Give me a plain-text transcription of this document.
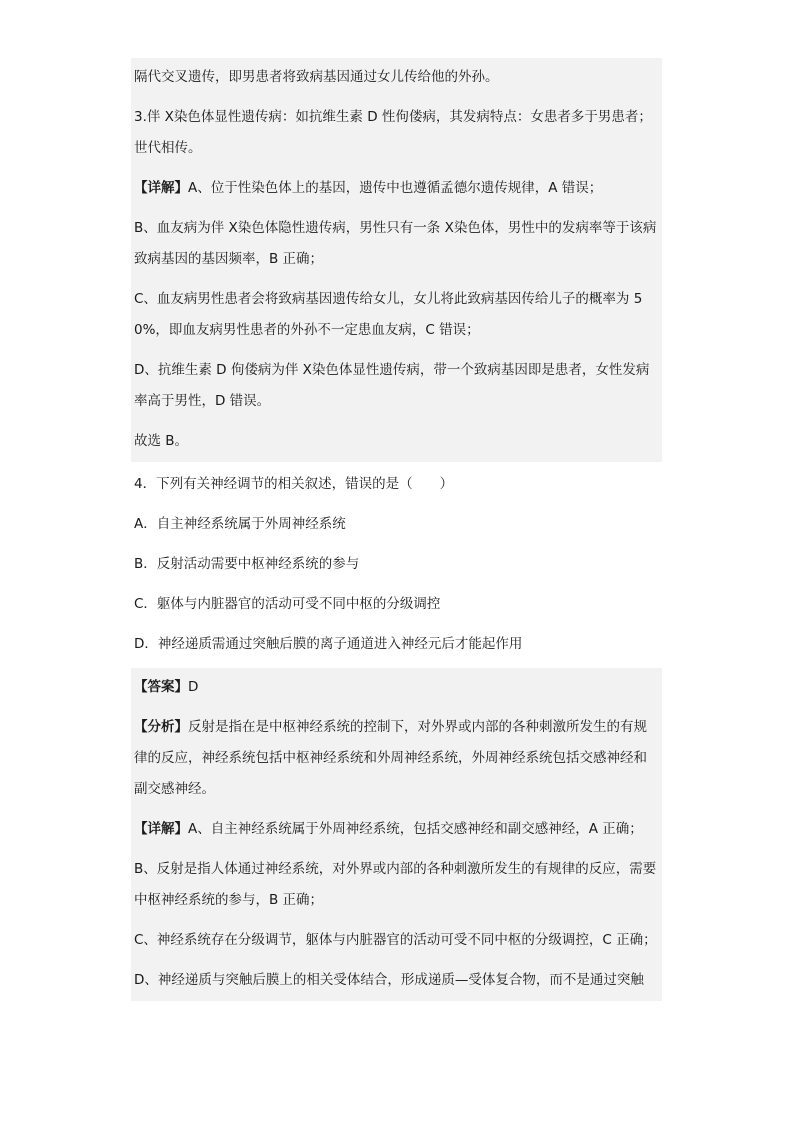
隔代交叉遗传，即男患者将致病基因通过女儿传给他的外孙。
3.伴 X染色体显性遗传病：如抗维生素 D 性佝偻病，其发病特点：女患者多于男患者；世代相传。
【详解】A、位于性染色体上的基因，遗传中也遵循孟德尔遗传规律，A 错误；
B、血友病为伴 X染色体隐性遗传病，男性只有一条 X染色体，男性中的发病率等于该病致病基因的基因频率，B 正确；
C、血友病男性患者会将致病基因遗传给女儿，女儿将此致病基因传给儿子的概率为 50%，即血友病男性患者的外孙不一定患血友病，C 错误；
D、抗维生素 D 佝偻病为伴 X染色体显性遗传病，带一个致病基因即是患者，女性发病率高于男性，D 错误。
故选 B。
4．下列有关神经调节的相关叙述，错误的是（　　）
A．自主神经系统属于外周神经系统
B．反射活动需要中枢神经系统的参与
C．躯体与内脏器官的活动可受不同中枢的分级调控
D．神经递质需通过突触后膜的离子通道进入神经元后才能起作用
【答案】D
【分析】反射是指在是中枢神经系统的控制下，对外界或内部的各种刺激所发生的有规律的反应，神经系统包括中枢神经系统和外周神经系统，外周神经系统包括交感神经和副交感神经。
【详解】A、自主神经系统属于外周神经系统，包括交感神经和副交感神经，A 正确；
B、反射是指人体通过神经系统，对外界或内部的各种刺激所发生的有规律的反应，需要中枢神经系统的参与，B 正确；
C、神经系统存在分级调节，躯体与内脏器官的活动可受不同中枢的分级调控，C 正确；
D、神经递质与突触后膜上的相关受体结合，形成递质—受体复合物，而不是通过突触
